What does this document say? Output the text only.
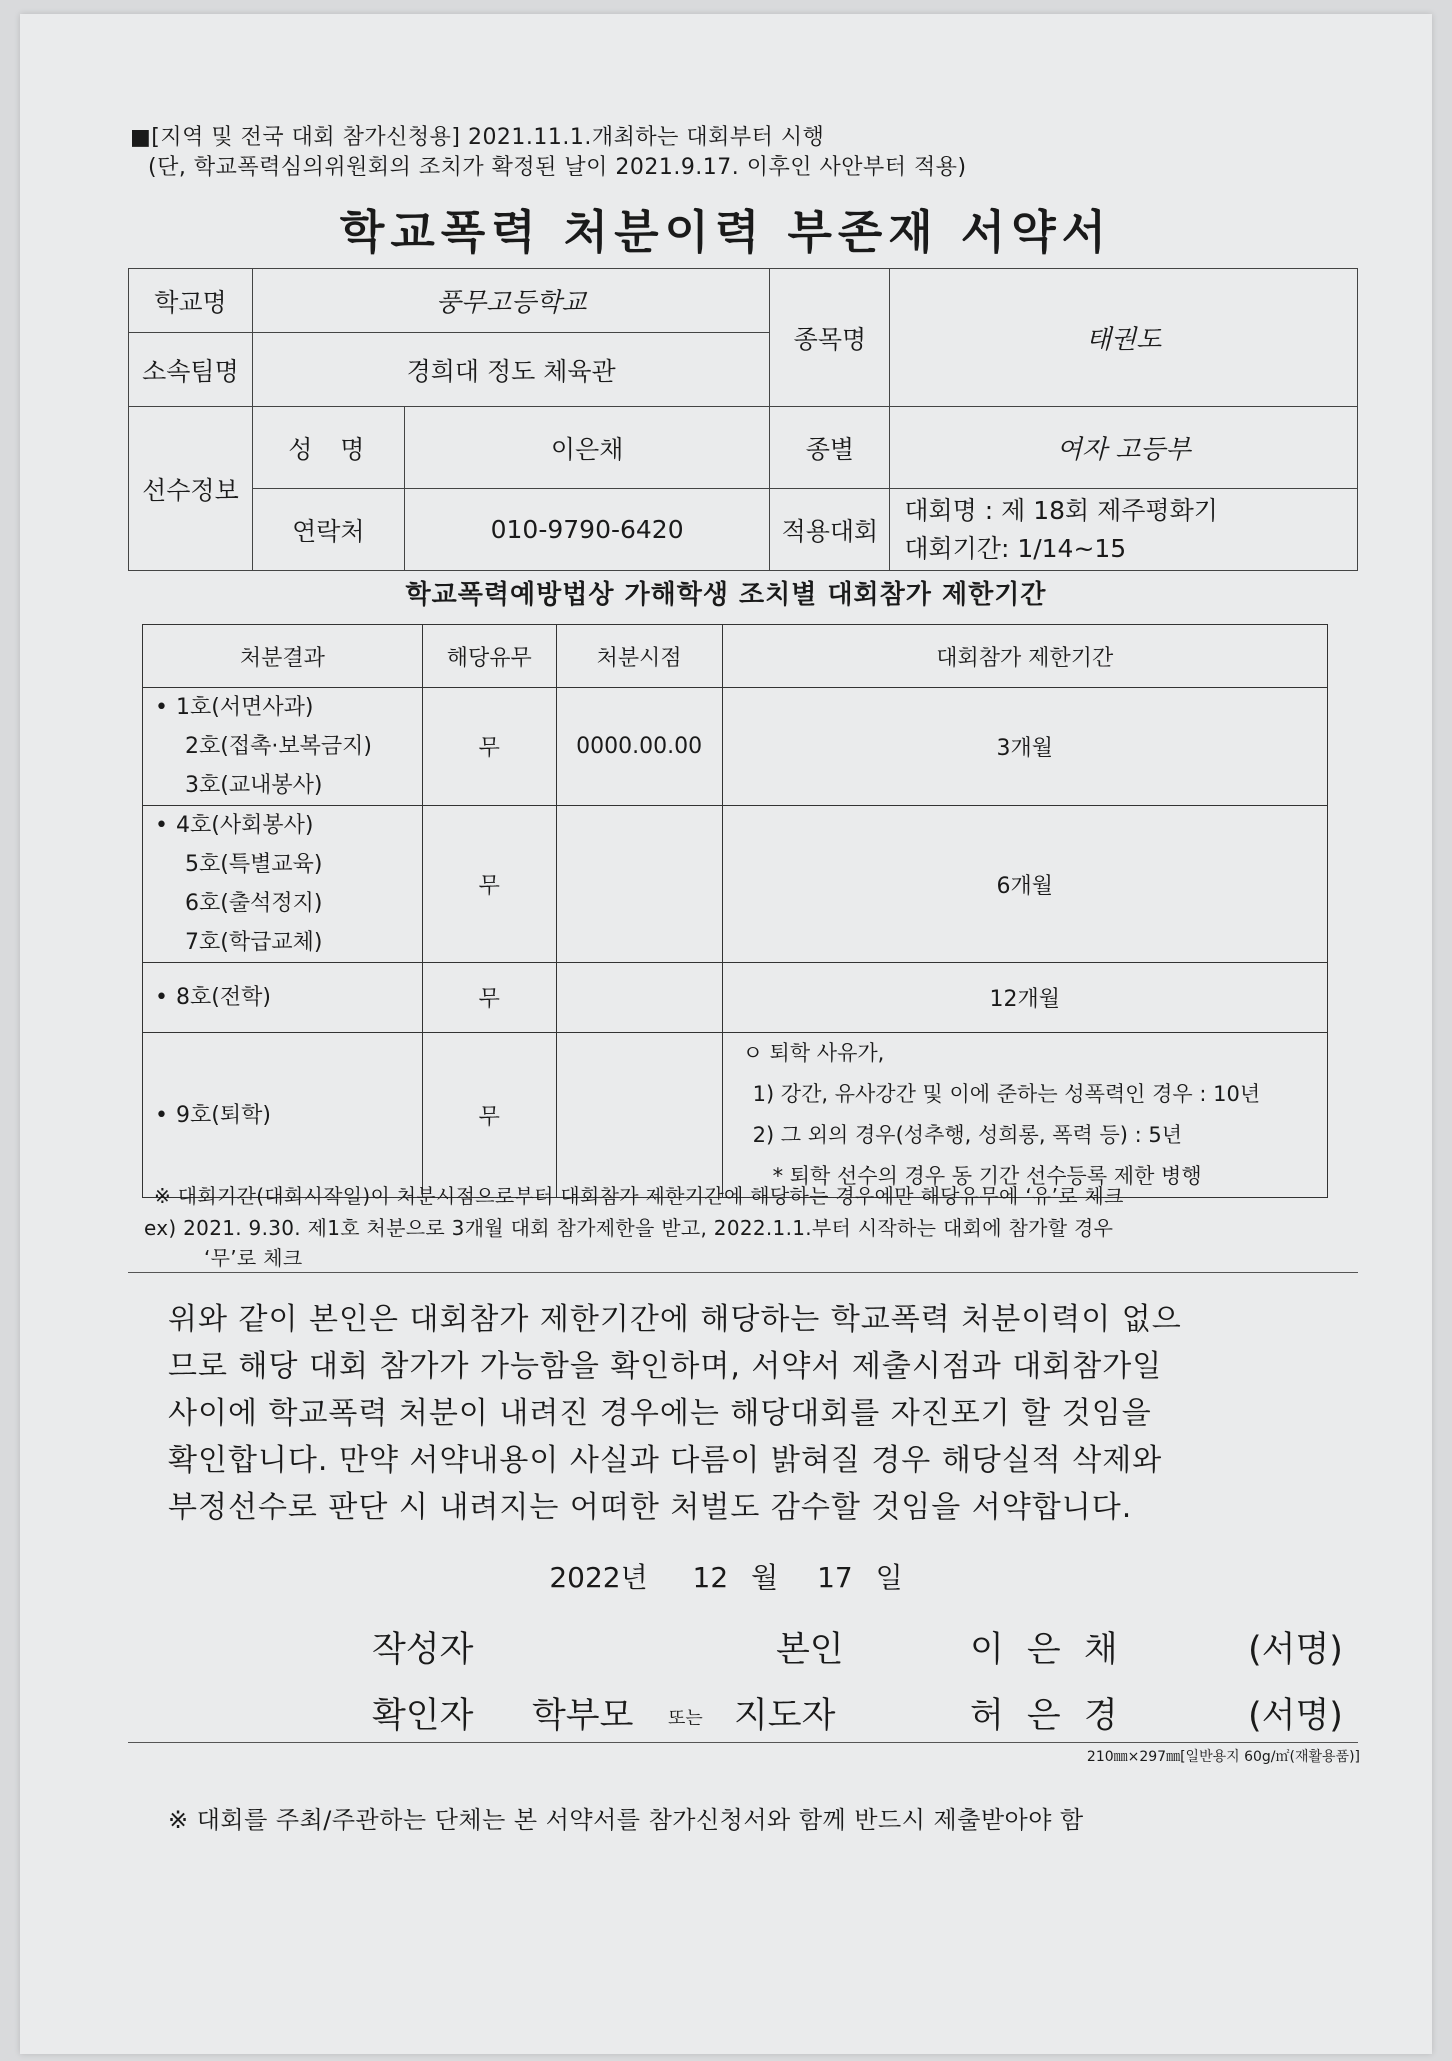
■[지역 및 전국 대회 참가신청용] 2021.11.1.개최하는 대회부터 시행
(단, 학교폭력심의위원회의 조치가 확정된 날이 2021.9.17. 이후인 사안부터 적용)
학교폭력 처분이력 부존재 서약서
학교명	풍무고등학교		종목명	태권도
소속팀명	경희대 정도 체육관			
선수정보	성  명	이은채	종별	여자 고등부
	연락처	010-9790-6420	적용대회	대회명 : 제 18회 제주평화기
대회기간: 1/14~15
학교폭력예방법상 가해학생 조치별 대회참가 제한기간
처분결과	해당유무	처분시점	대회참가 제한기간

• 1호(서면사과)
2호(접촉·보복금지)
3호(교내봉사)	무	0000.00.00	3개월

• 4호(사회봉사)
5호(특별교육)
6호(출석정지)
7호(학급교체)	무		6개월

• 8호(전학)	무		12개월

• 9호(퇴학)	무		ㅇ 퇴학 사유가,
1) 강간, 유사강간 및 이에 준하는 성폭력인 경우 : 10년
2) 그 외의 경우(성추행, 성희롱, 폭력 등) : 5년
* 퇴학 선수의 경우 동 기간 선수등록 제한 병행
※ 대회기간(대회시작일)이 처분시점으로부터 대회참가 제한기간에 해당하는 경우에만 해당유무에 ‘유’로 체크
ex) 2021. 9.30. 제1호 처분으로 3개월 대회 참가제한을 받고, 2022.1.1.부터 시작하는 대회에 참가할 경우
‘무’로 체크

위와 같이 본인은 대회참가 제한기간에 해당하는 학교폭력 처분이력이 없으

므로 해당 대회 참가가 가능함을 확인하며, 서약서 제출시점과 대회참가일

사이에 학교폭력 처분이 내려진 경우에는 해당대회를 자진포기 할 것임을

확인합니다. 만약 서약내용이 사실과 다름이 밝혀질 경우 해당실적 삭제와

부정선수로 판단 시 내려지는 어떠한 처벌도 감수할 것임을 서약합니다.

2022년 12 월 17 일
작성자	본인	이 은 채	(서명)
확인자 학부모 또는 지도자	허 은 경	(서명)
210㎜×297㎜[일반용지 60g/㎡(재활용품)]
※ 대회를 주최/주관하는 단체는 본 서약서를 참가신청서와 함께 반드시 제출받아야 함
